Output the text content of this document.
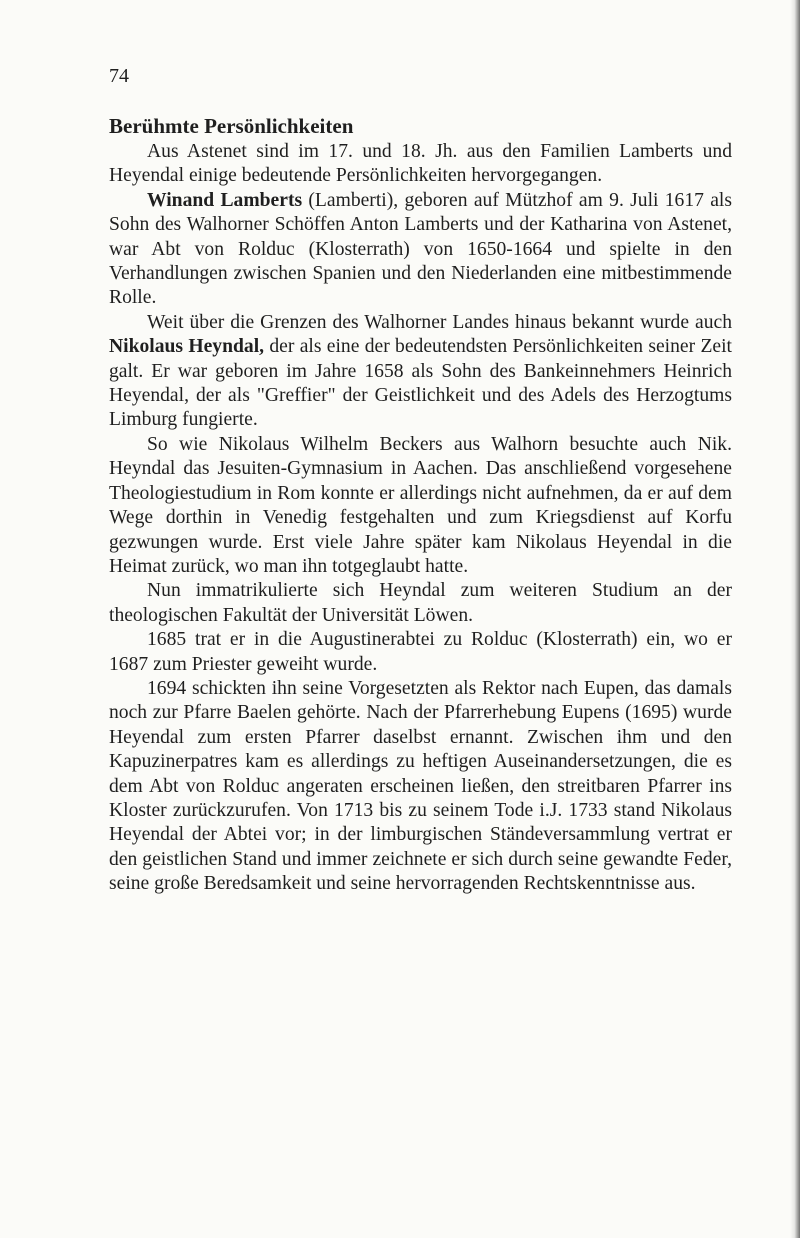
74
Berühmte Persönlichkeiten

Aus Astenet sind im 17. und 18. Jh. aus den Familien Lamberts und Heyendal einige bedeutende Persönlichkeiten hervorgegangen.

Winand Lamberts (Lamberti), geboren auf Mützhof am 9. Juli 1617 als Sohn des Walhorner Schöffen Anton Lamberts und der Katharina von Astenet, war Abt von Rolduc (Klosterrath) von 1650-1664 und spielte in den Verhandlungen zwischen Spanien und den Niederlanden eine mitbestimmende Rolle.

Weit über die Grenzen des Walhorner Landes hinaus bekannt wurde auch Nikolaus Heyndal, der als eine der bedeutendsten Persönlichkeiten seiner Zeit galt. Er war geboren im Jahre 1658 als Sohn des Bankeinnehmers Heinrich Heyendal, der als "Greffier" der Geistlichkeit und des Adels des Herzogtums Limburg fungierte.

So wie Nikolaus Wilhelm Beckers aus Walhorn besuchte auch Nik. Heyndal das Jesuiten-Gymnasium in Aachen. Das anschließend vorgesehene Theologiestudium in Rom konnte er allerdings nicht aufnehmen, da er auf dem Wege dorthin in Venedig festgehalten und zum Kriegsdienst auf Korfu gezwungen wurde. Erst viele Jahre später kam Nikolaus Heyendal in die Heimat zurück, wo man ihn totgeglaubt hatte.

Nun immatrikulierte sich Heyndal zum weiteren Studium an der theologischen Fakultät der Universität Löwen.

1685 trat er in die Augustinerabtei zu Rolduc (Klosterrath) ein, wo er 1687 zum Priester geweiht wurde.

1694 schickten ihn seine Vorgesetzten als Rektor nach Eupen, das damals noch zur Pfarre Baelen gehörte. Nach der Pfarrerhebung Eupens (1695) wurde Heyendal zum ersten Pfarrer daselbst ernannt. Zwischen ihm und den Kapuzinerpatres kam es allerdings zu heftigen Auseinandersetzungen, die es dem Abt von Rolduc angeraten erscheinen ließen, den streitbaren Pfarrer ins Kloster zurückzurufen. Von 1713 bis zu seinem Tode i.J. 1733 stand Nikolaus Heyendal der Abtei vor; in der limburgischen Ständeversammlung vertrat er den geistlichen Stand und immer zeichnete er sich durch seine gewandte Feder, seine große Beredsamkeit und seine hervorragenden Rechtskenntnisse aus.
